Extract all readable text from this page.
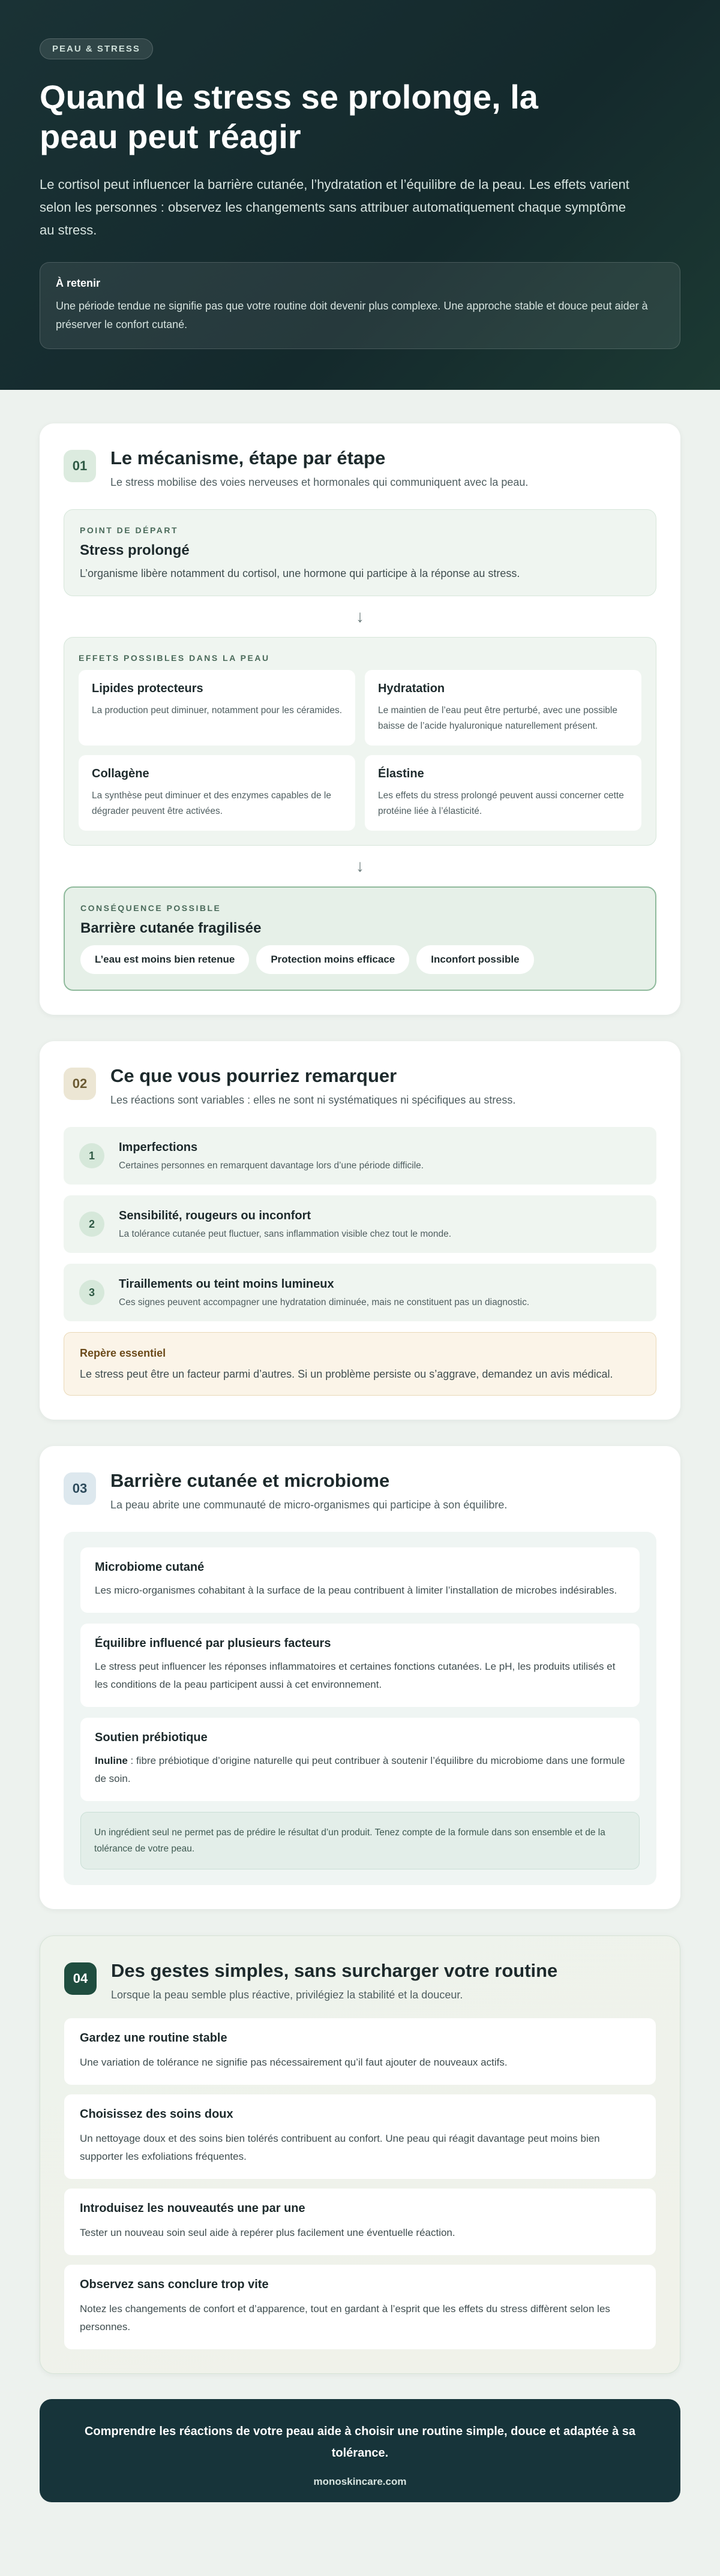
PEAU & STRESS
Quand le stress se prolonge, la peau peut réagir

Le cortisol peut influencer la barrière cutanée, l’hydratation et l’équilibre de la peau. Les effets varient selon les personnes : observez les changements sans attribuer automatiquement chaque symptôme au stress.

À retenir
Une période tendue ne signifie pas que votre routine doit devenir plus complexe. Une approche stable et douce peut aider à préserver le confort cutané.
01	Le mécanisme, étape par étape
Le stress mobilise des voies nerveuses et hormonales qui communiquent avec la peau.
POINT DE DÉPART
Stress prolongé
L’organisme libère notamment du cortisol, une hormone qui participe à la réponse au stress.
↓
EFFETS POSSIBLES DANS LA PEAU
Lipides protecteurs
La production peut diminuer, notamment pour les céramides.
Hydratation
Le maintien de l’eau peut être perturbé, avec une possible baisse de l’acide hyaluronique naturellement présent.
Collagène
La synthèse peut diminuer et des enzymes capables de le dégrader peuvent être activées.
Élastine
Les effets du stress prolongé peuvent aussi concerner cette protéine liée à l’élasticité.
↓
CONSÉQUENCE POSSIBLE
Barrière cutanée fragilisée
L’eau est moins bien retenue	Protection moins efficace	Inconfort possible
02	Ce que vous pourriez remarquer
Les réactions sont variables : elles ne sont ni systématiques ni spécifiques au stress.
1
Imperfections
Certaines personnes en remarquent davantage lors d’une période difficile.
2
Sensibilité, rougeurs ou inconfort
La tolérance cutanée peut fluctuer, sans inflammation visible chez tout le monde.
3
Tiraillements ou teint moins lumineux
Ces signes peuvent accompagner une hydratation diminuée, mais ne constituent pas un diagnostic.
Repère essentiel
Le stress peut être un facteur parmi d’autres. Si un problème persiste ou s’aggrave, demandez un avis médical.
03	Barrière cutanée et microbiome
La peau abrite une communauté de micro-organismes qui participe à son équilibre.
Microbiome cutané
Les micro-organismes cohabitant à la surface de la peau contribuent à limiter l’installation de microbes indésirables.
Équilibre influencé par plusieurs facteurs
Le stress peut influencer les réponses inflammatoires et certaines fonctions cutanées. Le pH, les produits utilisés et les conditions de la peau participent aussi à cet environnement.
Soutien prébiotique
Inuline : fibre prébiotique d’origine naturelle qui peut contribuer à soutenir l’équilibre du microbiome dans une formule de soin.
Un ingrédient seul ne permet pas de prédire le résultat d’un produit. Tenez compte de la formule dans son ensemble et de la tolérance de votre peau.
04	Des gestes simples, sans surcharger votre routine
Lorsque la peau semble plus réactive, privilégiez la stabilité et la douceur.
Gardez une routine stable
Une variation de tolérance ne signifie pas nécessairement qu’il faut ajouter de nouveaux actifs.
Choisissez des soins doux
Un nettoyage doux et des soins bien tolérés contribuent au confort. Une peau qui réagit davantage peut moins bien supporter les exfoliations fréquentes.
Introduisez les nouveautés une par une
Tester un nouveau soin seul aide à repérer plus facilement une éventuelle réaction.
Observez sans conclure trop vite
Notez les changements de confort et d’apparence, tout en gardant à l’esprit que les effets du stress diffèrent selon les personnes.
Comprendre les réactions de votre peau aide à choisir une routine simple, douce et adaptée à sa tolérance.
monoskincare.com
